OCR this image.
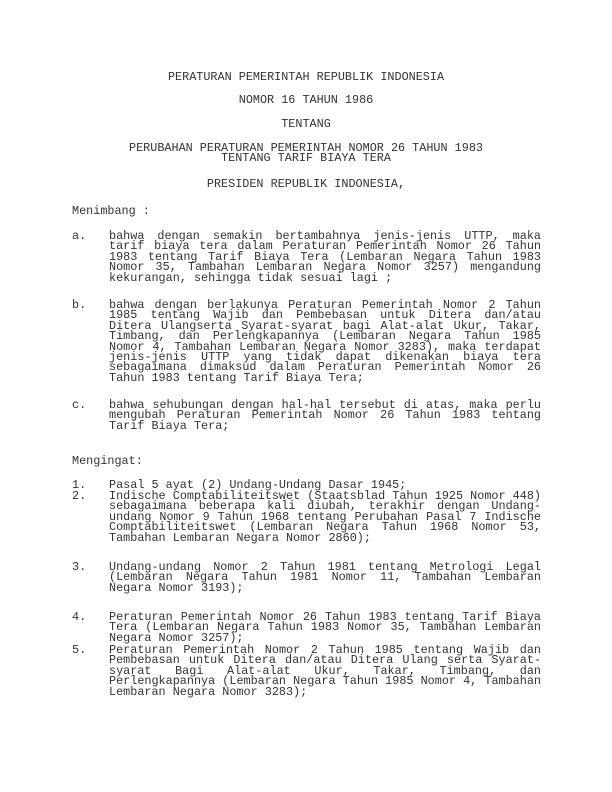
PERATURAN PEMERINTAH REPUBLIK INDONESIA
NOMOR 16 TAHUN 1986
TENTANG
PERUBAHAN PERATURAN PEMERINTAH NOMOR 26 TAHUN 1983
TENTANG TARIF BIAYA TERA
PRESIDEN REPUBLIK INDONESIA,
Menimbang :
Mengingat:
a. bahwa dengan semakin bertambahnya jenis-jenis UTTP, maka
tarif biaya tera dalam Peraturan Pemerintah Nomor 26 Tahun
1983 tentang Tarif Biaya Tera (Lembaran Negara Tahun 1983
Nomor 35, Tambahan Lembaran Negara Nomor 3257) mengandung
kekurangan, sehingga tidak sesuai lagi ;
b. bahwa dengan berlakunya Peraturan Pemerintah Nomor 2 Tahun
1985 tentang Wajib dan Pembebasan untuk Ditera dan/atau
Ditera Ulangserta Syarat-syarat bagi Alat-alat Ukur, Takar,
Timbang, dan Perlengkapannya (Lembaran Negara Tahun 1985
Nomor 4, Tambahan Lembaran Negara Nomor 3283), maka terdapat
jenis-jenis UTTP yang tidak dapat dikenakan biaya tera
sebagaimana dimaksud dalam Peraturan Pemerintah Nomor 26
Tahun 1983 tentang Tarif Biaya Tera;
c. bahwa sehubungan dengan hal-hal tersebut di atas, maka perlu
mengubah Peraturan Pemerintah Nomor 26 Tahun 1983 tentang
Tarif Biaya Tera;
1. Pasal 5 ayat (2) Undang-Undang Dasar 1945;
2. Indische Comptabiliteitswet (Staatsblad Tahun 1925 Nomor 448)
sebagaimana beberapa kali diubah, terakhir dengan Undang-
undang Nomor 9 Tahun 1968 tentang Perubahan Pasal 7 Indische
Comptabiliteitswet (Lembaran Negara Tahun 1968 Nomor 53,
Tambahan Lembaran Negara Nomor 2860);
3. Undang-undang Nomor 2 Tahun 1981 tentang Metrologi Legal
(Lembaran Negara Tahun 1981 Nomor 11, Tambahan Lembaran
Negara Nomor 3193);
4. Peraturan Pemerintah Nomor 26 Tahun 1983 tentang Tarif Biaya
Tera (Lembaran Negara Tahun 1983 Nomor 35, Tambahan Lembaran
Negara Nomor 3257);
5. Peraturan Pemerintah Nomor 2 Tahun 1985 tentang Wajib dan
Pembebasan untuk Ditera dan/atau Ditera Ulang serta Syarat-
syarat Bagi Alat-alat Ukur, Takar, Timbang, dan
Perlengkapannya (Lembaran Negara Tahun 1985 Nomor 4, Tambahan
Lembaran Negara Nomor 3283);
